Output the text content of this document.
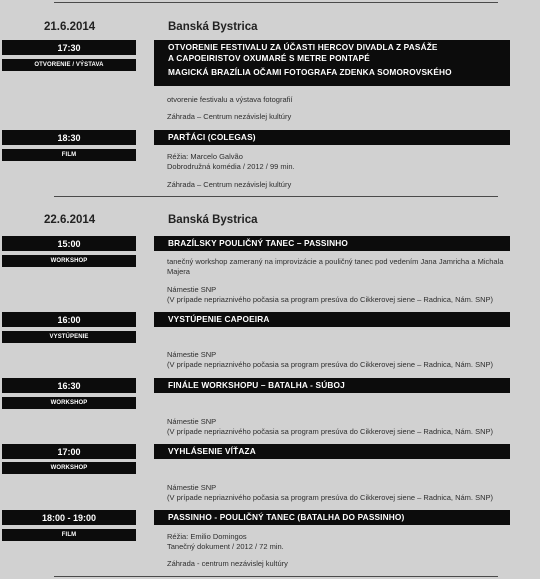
21.6.2014	Banská Bystrica
17:30
OTVORENIE / VÝSTAVA
OTVORENIE FESTIVALU ZA ÚČASTI HERCOV DIVADLA Z PASÁŽE
A CAPOEIRISTOV OXUMARÉ S METRE PONTAPÉ
MAGICKÁ BRAZÍLIA OČAMI FOTOGRAFA ZDENKA SOMOROVSKÉHO
otvorenie festivalu a výstava fotografií
Záhrada – Centrum nezávislej kultúry
18:30
FILM
PARŤÁCI (COLEGAS)
Réžia: Marcelo Galvão
Dobrodružná komédia / 2012 / 99 min.
Záhrada – Centrum nezávislej kultúry
22.6.2014	Banská Bystrica
15:00
WORKSHOP
BRAZÍLSKY POULIČNÝ TANEC – PASSINHO
tanečný workshop zameraný na improvizácie a pouličný tanec pod vedením Jana Jamricha a Michala
Majera
Námestie SNP
(V prípade nepriaznivého počasia sa program presúva do Cikkerovej siene – Radnica, Nám. SNP)
16:00
VYSTÚPENIE
VYSTÚPENIE CAPOEIRA
Námestie SNP
(V prípade nepriaznivého počasia sa program presúva do Cikkerovej siene – Radnica, Nám. SNP)
16:30
WORKSHOP
FINÁLE WORKSHOPU – BATALHA - SÚBOJ
Námestie SNP
(V prípade nepriaznivého počasia sa program presúva do Cikkerovej siene – Radnica, Nám. SNP)
17:00
WORKSHOP
VYHLÁSENIE VÍŤAZA
Námestie SNP
(V prípade nepriaznivého počasia sa program presúva do Cikkerovej siene – Radnica, Nám. SNP)
18:00 - 19:00
FILM
PASSINHO - POULIČNÝ TANEC (BATALHA DO PASSINHO)
Réžia: Emilio Domingos
Tanečný dokument / 2012 / 72 min.
Záhrada - centrum nezávislej kultúry
